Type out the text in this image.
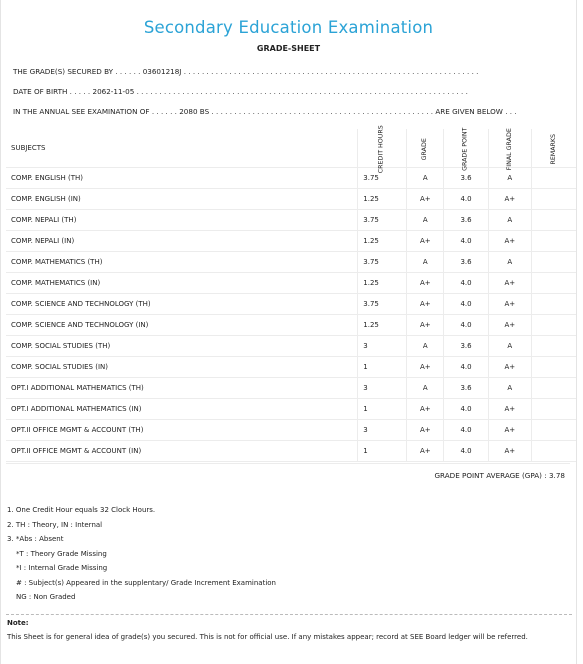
Secondary Education Examination
GRADE-SHEET
THE GRADE(S) SECURED BY . . . . . . 03601218J . . . . . . . . . . . . . . . . . . . . . . . . . . . . . . . . . . . . . . . . . . . . . . . . . . . . . . . . . . . . . . . . .
DATE OF BIRTH . . . . . 2062-11-05 . . . . . . . . . . . . . . . . . . . . . . . . . . . . . . . . . . . . . . . . . . . . . . . . . . . . . . . . . . . . . . . . . . . . . . . . .
IN THE ANNUAL SEE EXAMINATION OF . . . . . . 2080 BS . . . . . . . . . . . . . . . . . . . . . . . . . . . . . . . . . . . . . . . . . . . . . . . . . ARE GIVEN BELOW . . .
SUBJECTS	CREDIT HOURS	GRADE	GRADE POINT	FINAL GRADE	REMARKS
COMP. ENGLISH (TH)	3.75	A	3.6	A	
COMP. ENGLISH (IN)	1.25	A+	4.0	A+	
COMP. NEPALI (TH)	3.75	A	3.6	A	
COMP. NEPALI (IN)	1.25	A+	4.0	A+	
COMP. MATHEMATICS (TH)	3.75	A	3.6	A	
COMP. MATHEMATICS (IN)	1.25	A+	4.0	A+	
COMP. SCIENCE AND TECHNOLOGY (TH)	3.75	A+	4.0	A+	
COMP. SCIENCE AND TECHNOLOGY (IN)	1.25	A+	4.0	A+	
COMP. SOCIAL STUDIES (TH)	3	A	3.6	A	
COMP. SOCIAL STUDIES (IN)	1	A+	4.0	A+	
OPT.I ADDITIONAL MATHEMATICS (TH)	3	A	3.6	A	
OPT.I ADDITIONAL MATHEMATICS (IN)	1	A+	4.0	A+	
OPT.II OFFICE MGMT & ACCOUNT (TH)	3	A+	4.0	A+	
OPT.II OFFICE MGMT & ACCOUNT (IN)	1	A+	4.0	A+	
GRADE POINT AVERAGE (GPA) : 3.78
1. One Credit Hour equals 32 Clock Hours.
2. TH : Theory, IN : Internal
3. *Abs : Absent
*T : Theory Grade Missing
*I : Internal Grade Missing
# : Subject(s) Appeared in the supplentary/ Grade Increment Examination
NG : Non Graded
Note:
This Sheet is for general idea of grade(s) you secured. This is not for official use. If any mistakes appear; record at SEE Board ledger will be referred.
